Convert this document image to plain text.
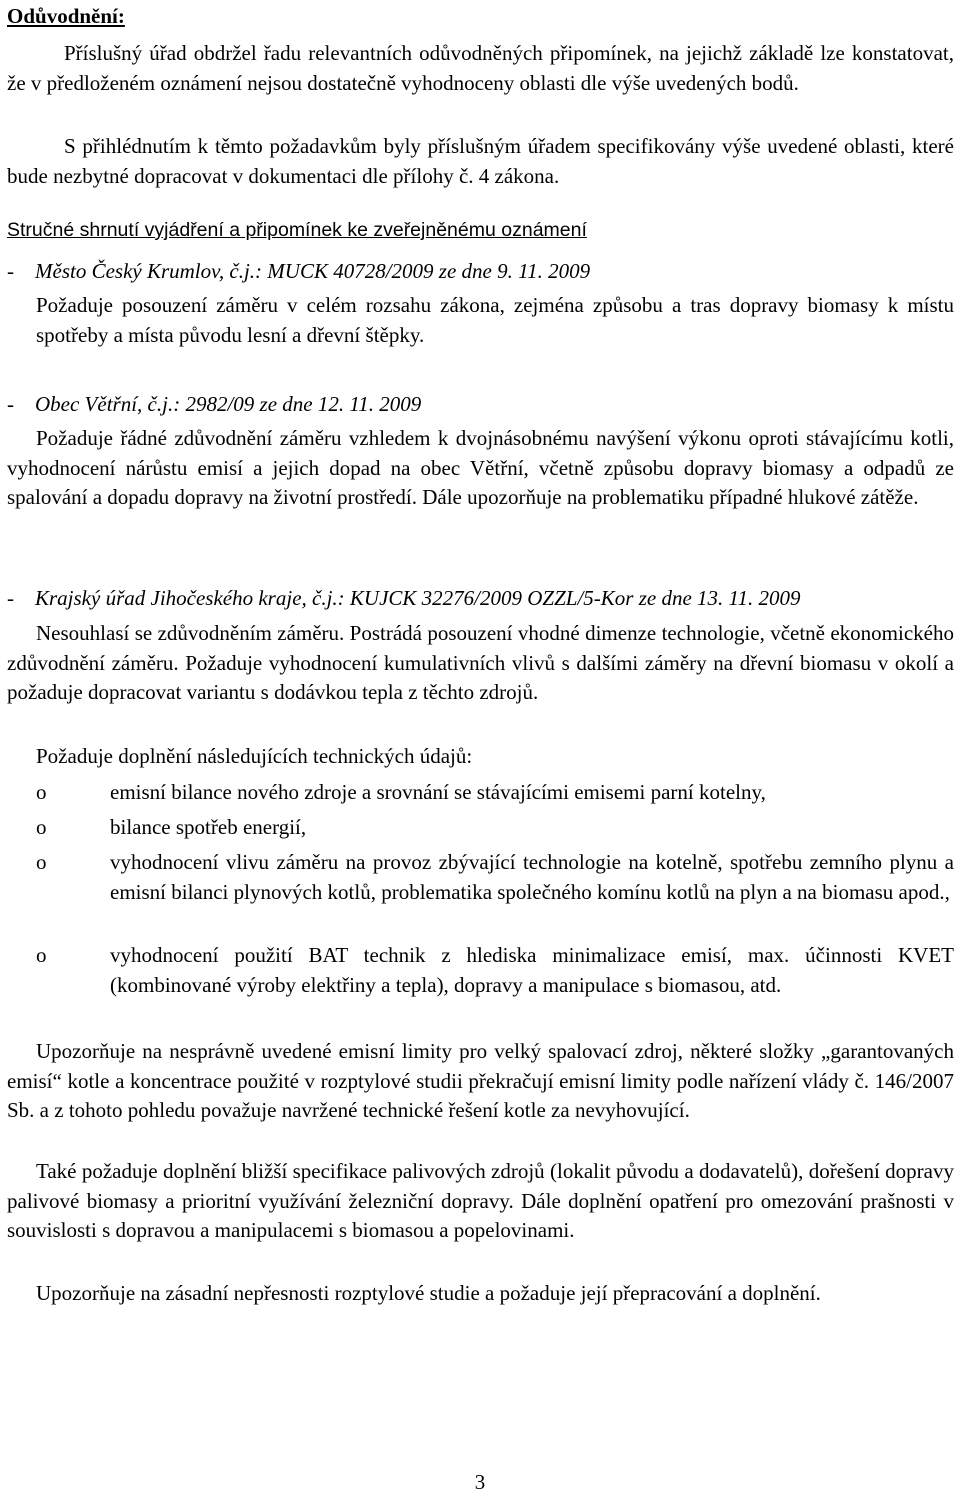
Odůvodnění:
Příslušný úřad obdržel řadu relevantních odůvodněných připomínek, na jejichž základě lze konstatovat, že v předloženém oznámení nejsou dostatečně vyhodnoceny oblasti dle výše uvedených bodů.
S přihlédnutím k těmto požadavkům byly příslušným úřadem specifikovány výše uvedené oblasti, které bude nezbytné dopracovat v dokumentaci dle přílohy č. 4 zákona.
Stručné shrnutí vyjádření a připomínek ke zveřejněnému oznámení
- Město Český Krumlov, č.j.: MUCK 40728/2009 ze dne 9. 11. 2009
Požaduje posouzení záměru v celém rozsahu zákona, zejména způsobu a tras dopravy biomasy k místu spotřeby a místa původu lesní a dřevní štěpky.
- Obec Větřní, č.j.: 2982/09 ze dne 12. 11. 2009
Požaduje řádné zdůvodnění záměru vzhledem k dvojnásobnému navýšení výkonu oproti stávajícímu kotli, vyhodnocení nárůstu emisí a jejich dopad na obec Větřní, včetně způsobu dopravy biomasy a odpadů ze spalování a dopadu dopravy na životní prostředí. Dále upozorňuje na problematiku případné hlukové zátěže.
- Krajský úřad Jihočeského kraje, č.j.: KUJCK 32276/2009 OZZL/5-Kor ze dne 13. 11. 2009
Nesouhlasí se zdůvodněním záměru. Postrádá posouzení vhodné dimenze technologie, včetně ekonomického zdůvodnění záměru. Požaduje vyhodnocení kumulativních vlivů s dalšími záměry na dřevní biomasu v okolí a požaduje dopracovat variantu s dodávkou tepla z těchto zdrojů.
Požaduje doplnění následujících technických údajů:
o	emisní bilance nového zdroje a srovnání se stávajícími emisemi parní kotelny,
o	bilance spotřeb energií,
o	vyhodnocení vlivu záměru na provoz zbývající technologie na kotelně, spotřebu zemního plynu a emisní bilanci plynových kotlů, problematika společného komínu kotlů na plyn a na biomasu apod.,
o	vyhodnocení použití BAT technik z hlediska minimalizace emisí, max. účinnosti KVET (kombinované výroby elektřiny a tepla), dopravy a manipulace s biomasou, atd.
Upozorňuje na nesprávně uvedené emisní limity pro velký spalovací zdroj, některé složky „garantovaných emisí“ kotle a koncentrace použité v rozptylové studii překračují emisní limity podle nařízení vlády č. 146/2007 Sb. a z tohoto pohledu považuje navržené technické řešení kotle za nevyhovující.
Také požaduje doplnění bližší specifikace palivových zdrojů (lokalit původu a dodavatelů), dořešení dopravy palivové biomasy a prioritní využívání železniční dopravy. Dále doplnění opatření pro omezování prašnosti v souvislosti s dopravou a manipulacemi s biomasou a popelovinami.
Upozorňuje na zásadní nepřesnosti rozptylové studie a požaduje její přepracování a doplnění.
3
